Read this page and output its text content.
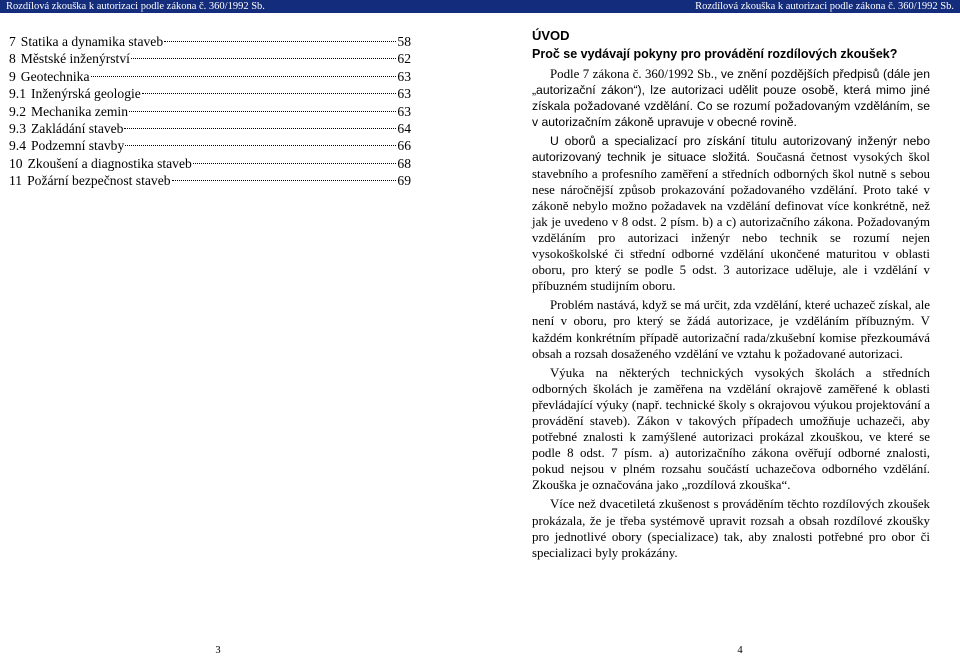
Rozdílová zkouška k autorizaci podle zákona č. 360/1992 Sb.
7 Statika a dynamika staveb	58
8 Městské inženýrství	62
9 Geotechnika	63
9.1 Inženýrská geologie	63
9.2 Mechanika zemin	63
9.3 Zakládání staveb	64
9.4 Podzemní stavby	66
10 Zkoušení a diagnostika staveb	68
11 Požární bezpečnost staveb	69
3
Rozdílová zkouška k autorizaci podle zákona č. 360/1992 Sb.
ÚVOD
Proč se vydávají pokyny pro provádění rozdílových zkoušek?

Podle 7 zákona č. 360/1992 Sb., ve znění pozdějších předpisů (dále jen „autorizační zákon“), lze autorizaci udělit pouze osobě, která mimo jiné získala požadované vzdělání. Co se rozumí požadovaným vzděláním, se v autorizačním zákoně upravuje v obecné rovině.

U oborů a specializací pro získání titulu autorizovaný inženýr nebo autorizovaný technik je situace složitá. Současná četnost vysokých škol stavebního a profesního zaměření a středních odborných škol nutně s sebou nese náročnější způsob prokazování požadovaného vzdělání. Proto také v zákoně nebylo možno požadavek na vzdělání definovat více konkrétně, než jak je uvedeno v 8 odst. 2 písm. b) a c) autorizačního zákona. Požadovaným vzděláním pro autorizaci inženýr nebo technik se rozumí nejen vysokoškolské či střední odborné vzdělání ukončené maturitou v oblasti oboru, pro který se podle 5 odst. 3 autorizace uděluje, ale i vzdělání v příbuzném studijním oboru.

Problém nastává, když se má určit, zda vzdělání, které uchazeč získal, ale není v oboru, pro který se žádá autorizace, je vzděláním příbuzným. V každém konkrétním případě autorizační rada/zkušební komise přezkoumává obsah a rozsah dosaženého vzdělání ve vztahu k požadované autorizaci.

Výuka na některých technických vysokých školách a středních odborných školách je zaměřena na vzdělání okrajově zaměřené k oblasti převládající výuky (např. technické školy s okrajovou výukou projektování a provádění staveb). Zákon v takových případech umožňuje uchazeči, aby potřebné znalosti k zamýšlené autorizaci prokázal zkouškou, ve které se podle 8 odst. 7 písm. a) autorizačního zákona ověřují odborné znalosti, pokud nejsou v plném rozsahu součástí uchazečova odborného vzdělání. Zkouška je označována jako „rozdílová zkouška“.

Více než dvacetiletá zkušenost s prováděním těchto rozdílových zkoušek prokázala, že je třeba systémově upravit rozsah a obsah rozdílové zkoušky pro jednotlivé obory (specializace) tak, aby znalosti potřebné pro obor či specializaci byly prokázány.

4
